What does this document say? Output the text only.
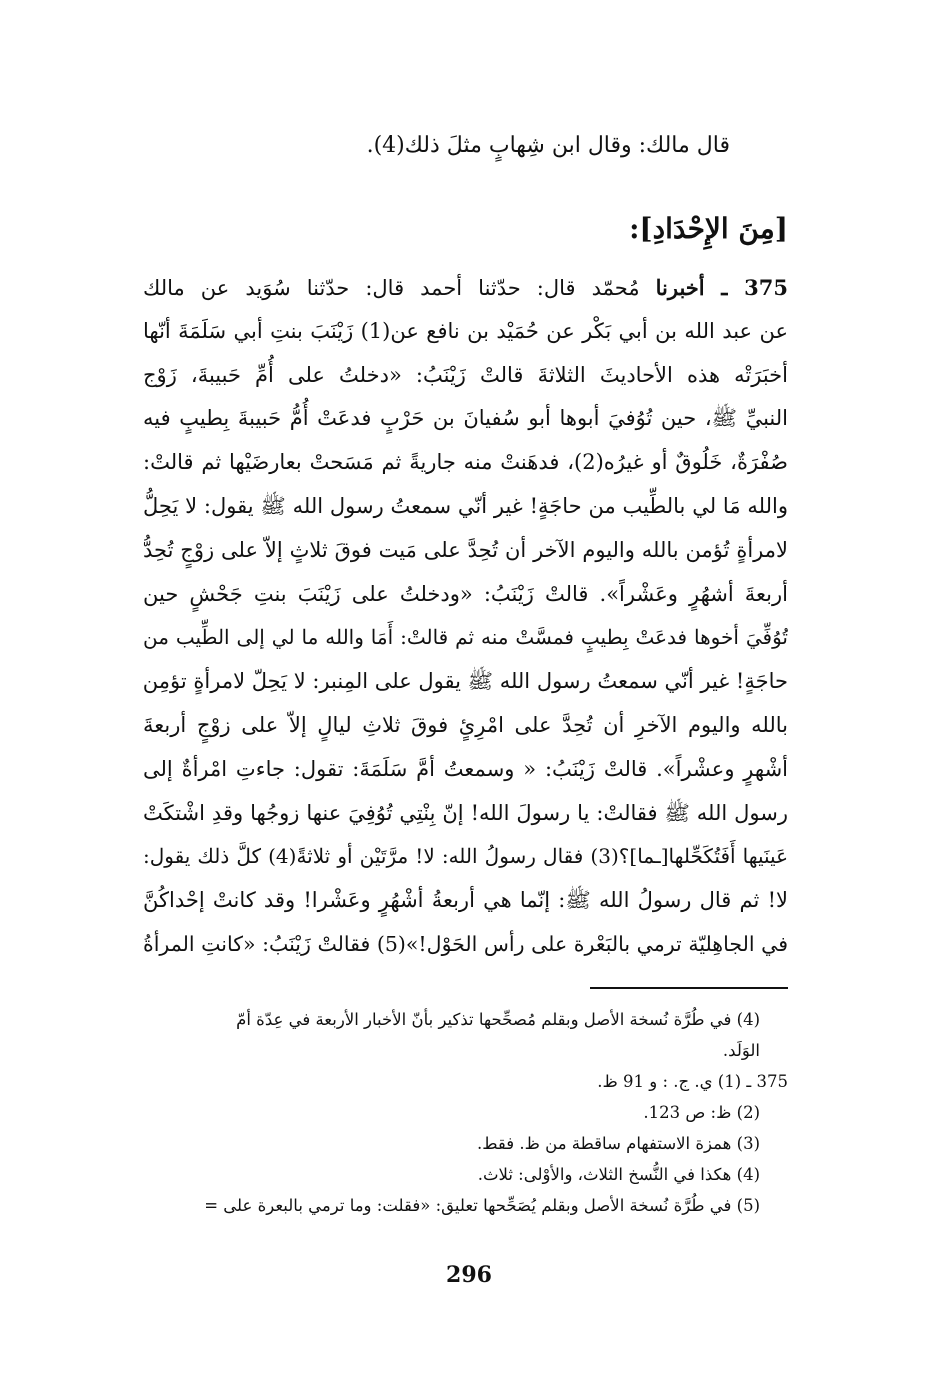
قال مالك: وقال ابن شِهابٍ مثلَ ذلك(4).
[مِنَ الإِحْدَادِ]:
375 ـ أخبرنا مُحمّد قال: حدّثنا أحمد قال: حدّثنا سُوَيد عن مالك
عن عبد الله بن أبي بَكْر عن حُمَيْد بن نافع عن(1) زَيْنَبَ بنتِ أبي سَلَمَةَ أنّها
أخبَرَتْه هذه الأحاديثَ الثلاثةَ قالتْ زَيْنَبُ: «دخلتُ على أُمِّ حَبيبةَ، زَوْج
النبيِّ ﷺ، حين تُوُفيَ أبوها أبو سُفيانَ بن حَرْبٍ فدعَتْ أُمُّ حَبيبةَ بِطيبٍ فيه
صُفْرَةٌ، خَلُوقٌ أو غيرُه(2)، فدهَنتْ منه جاريةً ثم مَسَحتْ بعارضَيْها ثم قالتْ:
والله مَا لي بالطِّيب من حاجَةٍ! غير أنّي سمعتُ رسول الله ﷺ يقول: لا يَحِلُّ
لامرأةٍ تُؤمن بالله واليوم الآخر أن تُحِدَّ على مَيت فوقَ ثلاثٍ إلاّ على زوْجٍ تُحِدُّ
أربعةَ أشهُرٍ وعَشْراً». قالتْ زَيْنَبُ: «ودخلتُ على زَيْنَبَ بنتِ جَحْشٍ حين
تُوُفِّيَ أخوها فدعَتْ بِطيبٍ فمسَّتْ منه ثم قالتْ: أَمَا والله ما لي إلى الطِّيب من
حاجَةٍ! غير أنّي سمعتُ رسول الله ﷺ يقول على المِنبر: لا يَحِلّ لامرأةٍ تؤمِن
بالله واليوم الآخرِ أن تُحِدَّ على امْرِئٍ فوقَ ثلاثِ ليالٍ إلاّ على زوْجٍ أربعةَ
أشْهرٍ وعشْراً». قالتْ زَيْنَبُ: « وسمعتُ أمَّ سَلَمَةَ: تقول: جاءتِ امْرأةٌ إلى
رسول الله ﷺ فقالتْ: يا رسولَ الله! إنّ بِنْتِي تُوُفِيَ عنها زوجُها وقدِ اشْتكَتْ
عَينَيها أَفَتُكَحِّلها[ـما]؟(3) فقال رسولُ الله: لا! مرَّتَيْن أو ثلاثةً(4) كلَّ ذلك يقول:
لا! ثم قال رسولُ الله ﷺ: إنّما هي أربعةُ أشْهُرٍ وعَشْرا! وقد كانتْ إحْداكُنَّ
في الجاهِليّة ترمي بالبَعْرة على رأس الحَوْل!»(5) فقالتْ زَيْنَبُ: «كانتِ المرأةُ
(4) في طُرَّة نُسخة الأصل وبقلم مُصحِّحها تذكير بأنّ الأخبار الأربعة في عِدّة أمّ
الوَلَد.
375 ـ (1) ي. ج. : و 91 ظ.
(2) ظ: ص 123.
(3) همزة الاستفهام ساقطة من ظ. فقط.
(4) هكذا في النُّسخ الثلاث، والأوْلى: ثلاث.
(5) في طُرَّة نُسخة الأصل وبقلم يُصَحِّحها تعليق: «فقلت: وما ترمي بالبعرة على =
296
